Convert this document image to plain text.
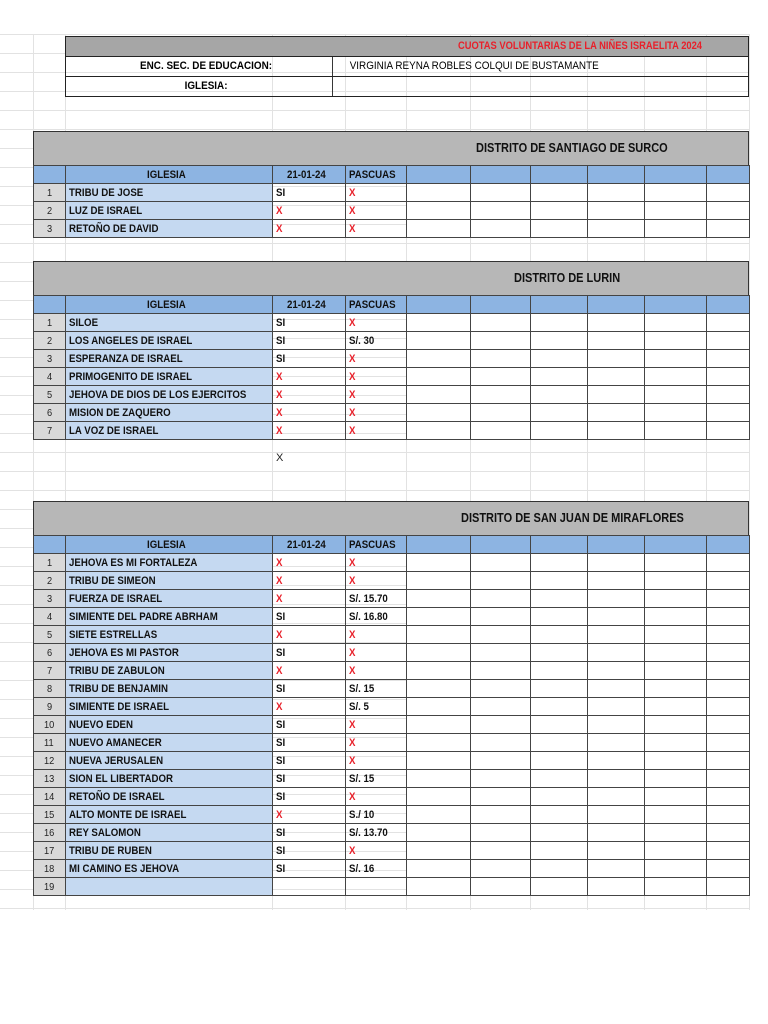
CUOTAS VOLUNTARIAS DE LA NIÑES ISRAELITA 2024
ENC. SEC. DE EDUCACION:	VIRGINIA REYNA ROBLES COLQUI DE BUSTAMANTE
IGLESIA:
DISTRITO DE SANTIAGO DE SURCO
	IGLESIA	21-01-24	PASCUAS						
1	TRIBU DE JOSE	SI	X						
2	LUZ DE ISRAEL	X	X						
3	RETOÑO DE DAVID	X	X						
DISTRITO DE LURIN
	IGLESIA	21-01-24	PASCUAS						
1	SILOE	SI	X						
2	LOS ANGELES DE ISRAEL	SI	S/. 30						
3	ESPERANZA DE ISRAEL	SI	X						
4	PRIMOGENITO DE ISRAEL	X	X						
5	JEHOVA DE DIOS DE LOS EJERCITOS	X	X						
6	MISION DE ZAQUERO	X	X						
7	LA VOZ DE ISRAEL	X	X						
X
DISTRITO DE SAN JUAN DE MIRAFLORES
	IGLESIA	21-01-24	PASCUAS						
1	JEHOVA ES MI FORTALEZA	X	X						
2	TRIBU DE SIMEON	X	X						
3	FUERZA DE ISRAEL	X	S/. 15.70						
4	SIMIENTE DEL PADRE ABRHAM	SI	S/. 16.80						
5	SIETE ESTRELLAS	X	X						
6	JEHOVA ES MI PASTOR	SI	X						
7	TRIBU DE ZABULON	X	X						
8	TRIBU DE BENJAMIN	SI	S/. 15						
9	SIMIENTE DE ISRAEL	X	S/. 5						
10	NUEVO EDEN	SI	X						
11	NUEVO AMANECER	SI	X						
12	NUEVA JERUSALEN	SI	X						
13	SION EL LIBERTADOR	SI	S/. 15						
14	RETOÑO DE ISRAEL	SI	X						
15	ALTO MONTE DE ISRAEL	X	S./ 10						
16	REY SALOMON	SI	S/. 13.70						
17	TRIBU DE RUBEN	SI	X						
18	MI CAMINO ES JEHOVA	SI	S/. 16						
19									
